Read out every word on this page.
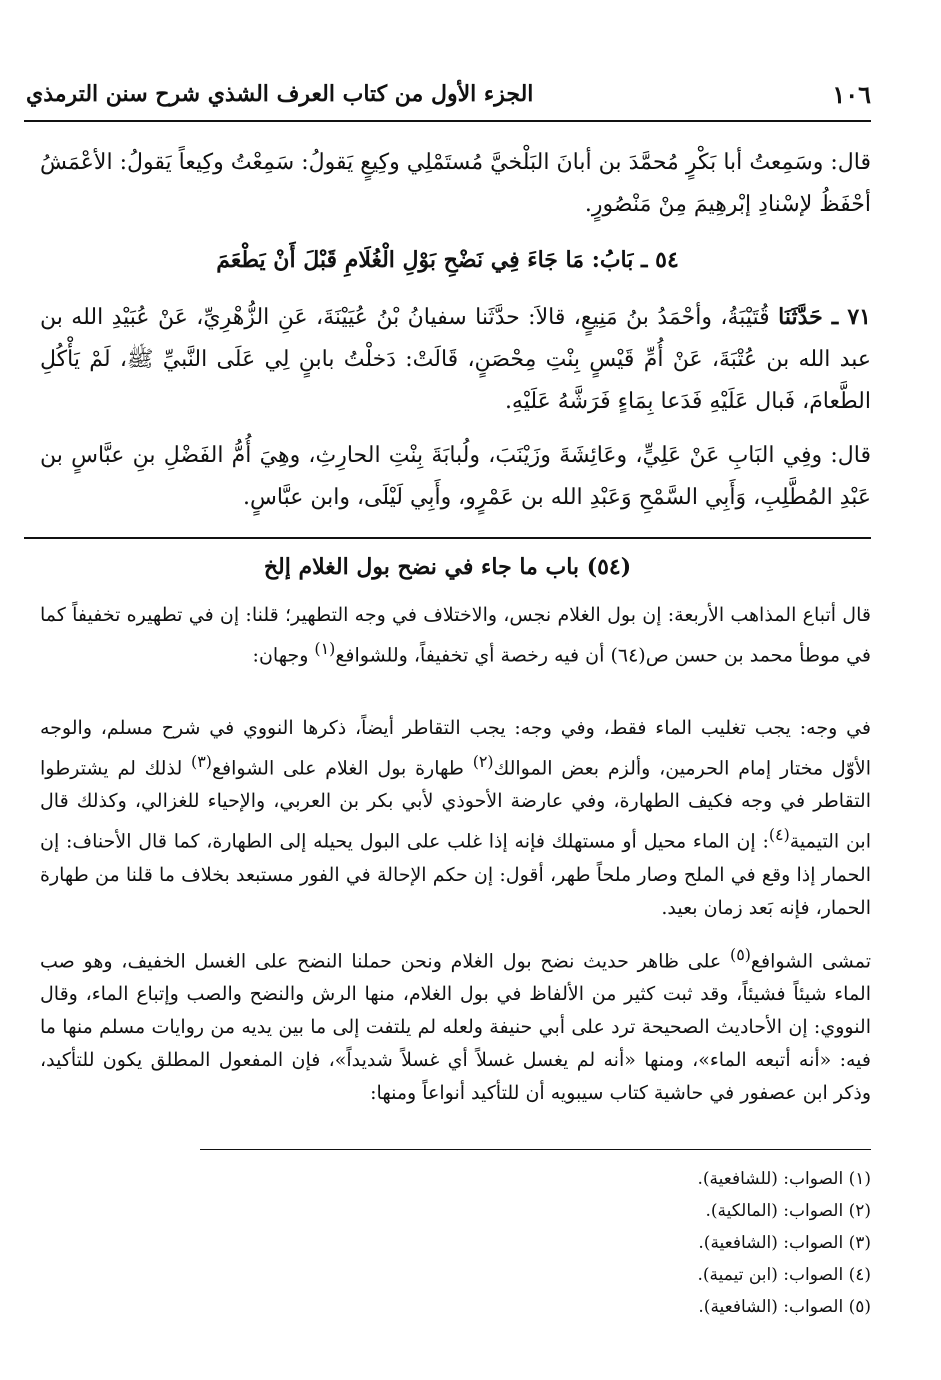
١٠٦
الجزء الأول من كتاب العرف الشذي شرح سنن الترمذي
قال: وسَمِعتُ أبا بَكْرٍ مُحمَّدَ بن أبانَ البَلْخيَّ مُستَمْلِي وكِيعٍ يَقولُ: سَمِعْتُ وكِيعاً يَقولُ: الأعْمَشُ أحْفَظُ لإسْنادِ إبْرهِيمَ مِنْ مَنْصُورٍ.
٥٤ ـ بَابُ: مَا جَاءَ فِي نَضْحِ بَوْلِ الْغُلَامِ قَبْلَ أَنْ يَطْعَمَ
٧١ ـ حَدَّثَنَا قُتَيْبَةُ، وأحْمَدُ بنُ مَنِيعٍ، قالاَ: حدَّثَنا سفيانُ بْنُ عُيَيْنَةَ، عَنِ الزُّهْرِيِّ، عَنْ عُبَيْدِ الله بن عبد الله بن عُتْبَةَ، عَنْ أُمِّ قَيْسٍ بِنْتِ مِحْصَنٍ، قَالَتْ: دَخلْتُ بابنٍ لِي عَلَى النَّبيِّ ﷺ، لَمْ يَأْكُلِ الطَّعامَ، فَبال عَلَيْهِ فَدَعا بِمَاءٍ فَرَشَّهُ عَلَيْهِ.

قال: وفِي البَابِ عَنْ عَلِيٍّ، وعَائِشَةَ وزَيْنَبَ، ولُبابَةَ بِنْتِ الحارِثِ، وهِيَ أُمُّ الفَضْلِ بنِ عبَّاسٍ بن عَبْدِ المُطَّلِبِ، وَأَبِي السَّمْحِ وَعَبْدِ الله بن عَمْرٍو، وأَبِي لَيْلَى، وابن عبَّاسٍ.

(٥٤) باب ما جاء في نضح بول الغلام إلخ
قال أتباع المذاهب الأربعة: إن بول الغلام نجس، والاختلاف في وجه التطهير؛ قلنا: إن في تطهيره تخفيفاً كما في موطأ محمد بن حسن ص(٦٤) أن فيه رخصة أي تخفيفاً، وللشوافع$^{(١)}$ وجهان:
في وجه: يجب تغليب الماء فقط، وفي وجه: يجب التقاطر أيضاً، ذكرها النووي في شرح مسلم، والوجه الأوّل مختار إمام الحرمين، وألزم بعض الموالك$^{(٢)}$ طهارة بول الغلام على الشوافع$^{(٣)}$ لذلك لم يشترطوا التقاطر في وجه فكيف الطهارة، وفي عارضة الأحوذي لأبي بكر بن العربي، والإحياء للغزالي، وكذلك قال ابن التيمية$^{(٤)}$: إن الماء محيل أو مستهلك فإنه إذا غلب على البول يحيله إلى الطهارة، كما قال الأحناف: إن الحمار إذا وقع في الملح وصار ملحاً طهر، أقول: إن حكم الإحالة في الفور مستبعد بخلاف ما قلنا من طهارة الحمار، فإنه بَعد زمان بعيد.
تمشى الشوافع$^{(٥)}$ على ظاهر حديث نضح بول الغلام ونحن حملنا النضح على الغسل الخفيف، وهو صب الماء شيئاً فشيئاً، وقد ثبت كثير من الألفاظ في بول الغلام، منها الرش والنضح والصب وإتباع الماء، وقال النووي: إن الأحاديث الصحيحة ترد على أبي حنيفة ولعله لم يلتفت إلى ما بين يديه من روايات مسلم منها ما فيه: «أنه أتبعه الماء»، ومنها «أنه لم يغسل غسلاً أي غسلاً شديداً»، فإن المفعول المطلق يكون للتأكيد، وذكر ابن عصفور في حاشية كتاب سيبويه أن للتأكيد أنواعاً ومنها:
(١) الصواب: (للشافعية).
(٢) الصواب: (المالكية).
(٣) الصواب: (الشافعية).
(٤) الصواب: (ابن تيمية).
(٥) الصواب: (الشافعية).
